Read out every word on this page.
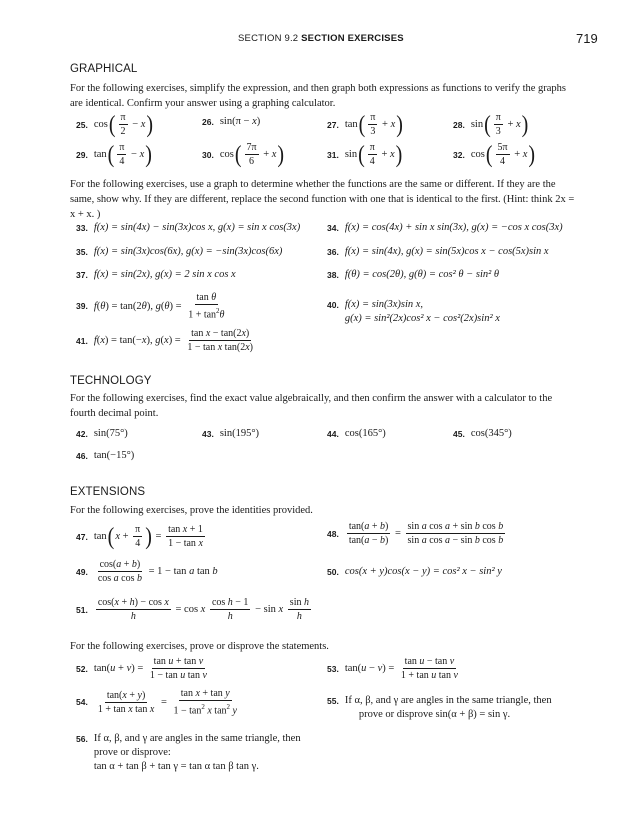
SECTION 9.2 SECTION EXERCISES	719
GRAPHICAL
For the following exercises, simplify the expression, and then graph both expressions as functions to verify the graphs are identical. Confirm your answer using a graphing calculator.
25. cos ( $\frac{\pi}{2} - x$ )	26. sin(π − x)	27. tan ( $\frac{\pi}{3} + x$ )	28. sin ( $\frac{\pi}{3} + x$ )
29. tan ( $\frac{\pi}{4} - x$ )	30. cos ( $\frac{7\pi}{6} + x$ )	31. sin ( $\frac{\pi}{4} + x$ )	32. cos ( $\frac{5\pi}{4} + x$ )
For the following exercises, use a graph to determine whether the functions are the same or different. If they are the same, show why. If they are different, replace the second function with one that is identical to the first. (Hint: think 2x = x + x. )
33. f(x) = sin(4x) − sin(3x)cos x, g(x) = sin x cos(3x)	34. f(x) = cos(4x) + sin x sin(3x), g(x) = −cos x cos(3x)
35. f(x) = sin(3x)cos(6x), g(x) = −sin(3x)cos(6x)	36. f(x) = sin(4x), g(x) = sin(5x)cos x − cos(5x)sin x
37. f(x) = sin(2x), g(x) = 2 sin x cos x	38. f(θ) = cos(2θ), g(θ) = cos² θ − sin² θ
39. f(θ) = tan(2θ), $g(\theta) = \frac{\text{tan θ}}{1 + \tan^2\theta}$	40. f(x) = sin(3x)sin x,
g(x) = sin²(2x)cos² x − cos²(2x)sin² x
41. f(x) = tan(−x), $g(x) = \frac{\text{tan x − tan(2x)}}{\text{1 − tan x tan(2x)}}$
TECHNOLOGY
For the following exercises, find the exact value algebraically, and then confirm the answer with a calculator to the fourth decimal point.
42. sin(75°)	43. sin(195°)	44. cos(165°)	45. cos(345°)
46. tan(−15°)
EXTENSIONS
For the following exercises, prove the identities provided.
47. tan ( $x + \frac{\pi}{4}$ ) = $\frac{\text{tan x + 1}}{\text{1 − tan x}}$	48. $\frac{\tan(a + b)}{\tan(a - b)} = \frac{\text{sin a cos a + sin b cos b}}{\text{sin a cos a − sin b cos b}}$
49. $\frac{\cos(a + b)}{\text{cos a cos b}} = 1 - \tan a$ tan b	50. cos(x + y)cos(x − y) = cos² x − sin² y
51. $\frac{\text{cos(x + h) − cos x}}{h} = \cos x \frac{\text{cos h − 1}}{h} - \sin x \frac{\text{sin h}}{h}$
For the following exercises, prove or disprove the statements.
52. $\tan(u + v) = \frac{\text{tan u + tan v}}{\text{1 − tan u tan v}}$	53. $\tan(u - v) = \frac{\text{tan u − tan v}}{\text{1 + tan u tan v}}$
54. $\frac{\tan(x + y)}{\text{1 + tan x tan x}} = \frac{\text{tan x + tan y}}{1 - \tan^2 x \tan^2 y}$	55. If α, β, and γ are angles in the same triangle, then
prove or disprove sin(α + β) = sin γ.
56. If α, β, and γ are angles in the same triangle, then
prove or disprove:
tan α + tan β + tan γ = tan α tan β tan γ.
